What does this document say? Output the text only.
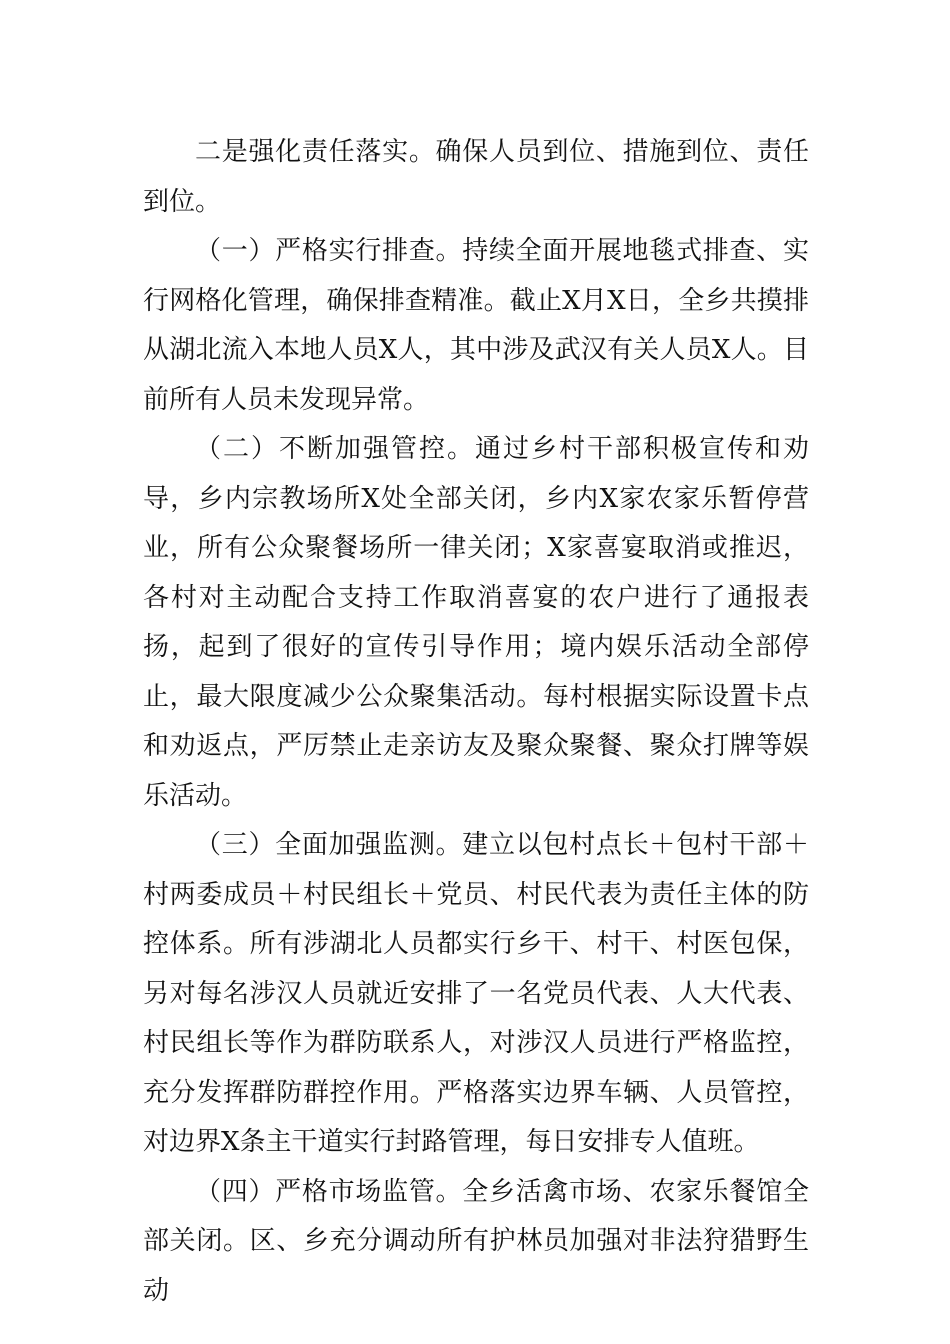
二是强化责任落实。确保人员到位、措施到位、责任到位。

（一）严格实行排查。持续全面开展地毯式排查、实行网格化管理，确保排查精准。截止X月X日，全乡共摸排从湖北流入本地人员X人，其中涉及武汉有关人员X人。目前所有人员未发现异常。

（二）不断加强管控。通过乡村干部积极宣传和劝导，乡内宗教场所X处全部关闭，乡内X家农家乐暂停营业，所有公众聚餐场所一律关闭；X家喜宴取消或推迟，各村对主动配合支持工作取消喜宴的农户进行了通报表扬，起到了很好的宣传引导作用；境内娱乐活动全部停止，最大限度减少公众聚集活动。每村根据实际设置卡点和劝返点，严厉禁止走亲访友及聚众聚餐、聚众打牌等娱乐活动。

（三）全面加强监测。建立以包村点长＋包村干部＋村两委成员＋村民组长＋党员、村民代表为责任主体的防控体系。所有涉湖北人员都实行乡干、村干、村医包保，另对每名涉汉人员就近安排了一名党员代表、人大代表、村民组长等作为群防联系人，对涉汉人员进行严格监控，充分发挥群防群控作用。严格落实边界车辆、人员管控，对边界X条主干道实行封路管理，每日安排专人值班。

（四）严格市场监管。全乡活禽市场、农家乐餐馆全部关闭。区、乡充分调动所有护林员加强对非法狩猎野生动
